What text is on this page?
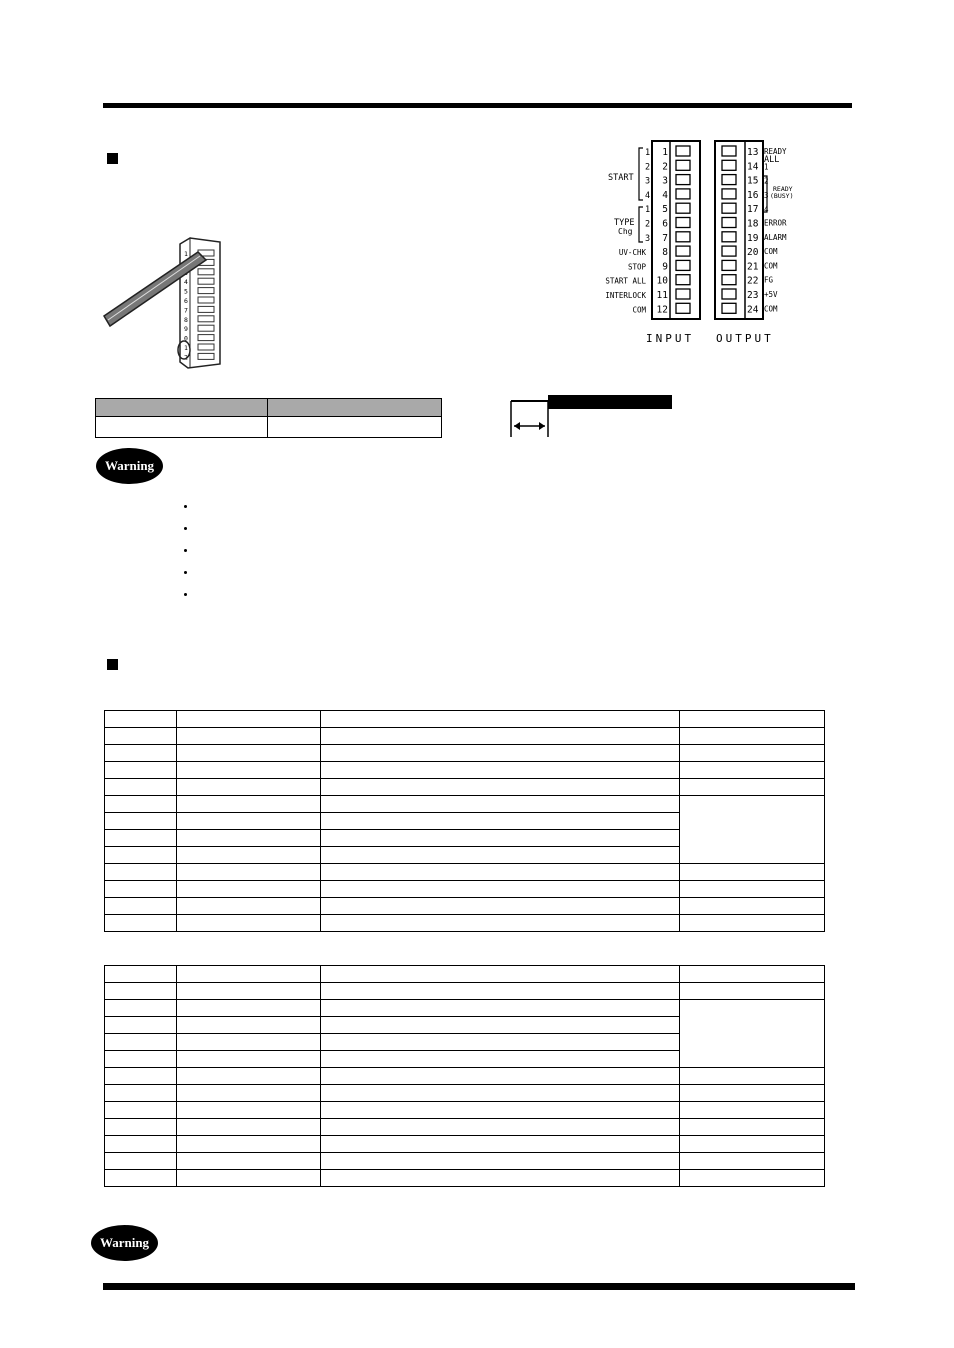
1
4
5
6
7
8
9
0
1
2
1
2
3
4
5
6
7
8
UV-CHK
9
STOP
10
START ALL
11
INTERLOCK
12
COM
13 READY
14
15
16
17
18 ERROR
19 ALARM
20 COM
21 COM
22 FG
23 +5V
24 COM
START
TYPE
Chg
ALL
READY
(BUSY)
1
2
3
4
1
2
3
1
2
3
4
INPUT OUTPUT

Warning

Warning
